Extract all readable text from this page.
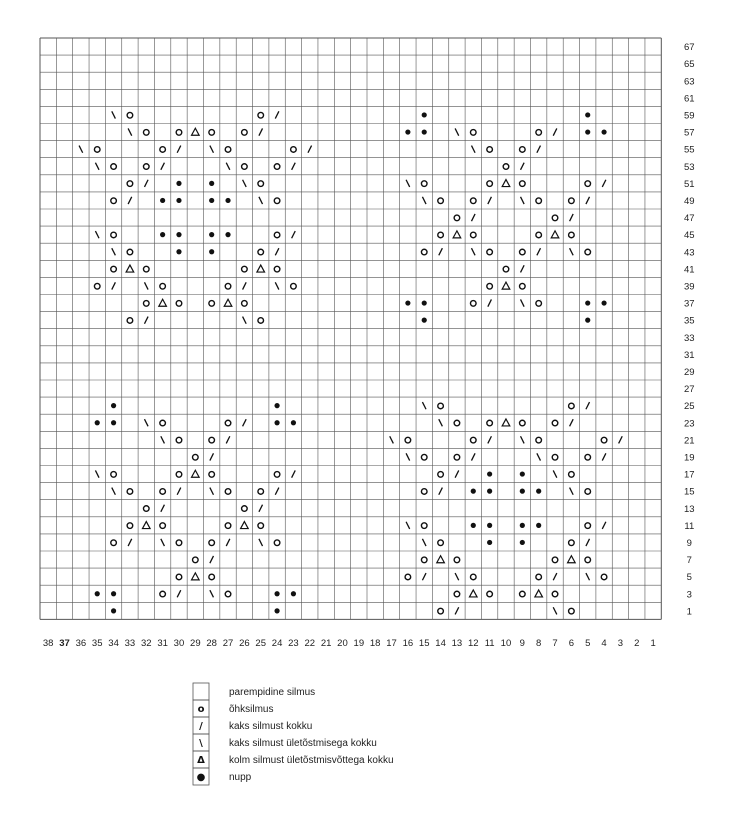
67
65
63
61
59
57
55
53
51
49
47
45
43
41
39
37
35
33
31
29
27
25
23
21
19
17
15
13
11
9
7
5
3
1
38 37 36 35 34 33 32 31 30 29 28 27 26 25 24 23 22 21 20 19 18 17 16 15 14 13 12 11 10 9 8 7 6 5 4 3 2 1
parempidine silmus
o õhksilmus
/	kaks silmust kokku
\	kaks silmust ületõstmisega kokku
Δ kolm silmust ületõstmisvõttega kokku
● nupp
